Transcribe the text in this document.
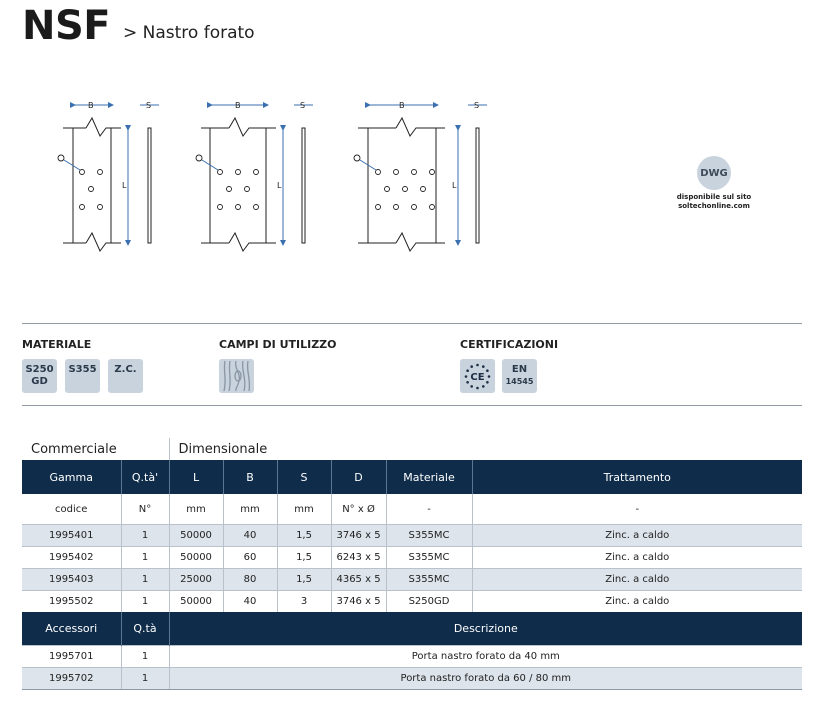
NSF > Nastro forato
B	S	B	S	B	S
L	L	L
DWG
disponibile sul sito
soltechonline.com
MATERIALE
S250
GD
S355	Z.C.
CAMPI DI UTILIZZO	CERTIFICAZIONI
CE
EN
14545
Commerciale		Dimensionale					
Gamma	Q.tà'	L	B	S	D	Materiale	Trattamento
codice	N°	mm	mm	mm	N° x Ø	-	-
1995401	1	50000	40	1,5	3746 x 5	S355MC	Zinc. a caldo
1995402	1	50000	60	1,5	6243 x 5	S355MC	Zinc. a caldo
1995403	1	25000	80	1,5	4365 x 5	S355MC	Zinc. a caldo
1995502	1	50000	40	3	3746 x 5	S250GD	Zinc. a caldo
Accessori	Q.tà	Descrizione					
1995701	1	Porta nastro forato da 40 mm					
1995702	1	Porta nastro forato da 60 / 80 mm					
